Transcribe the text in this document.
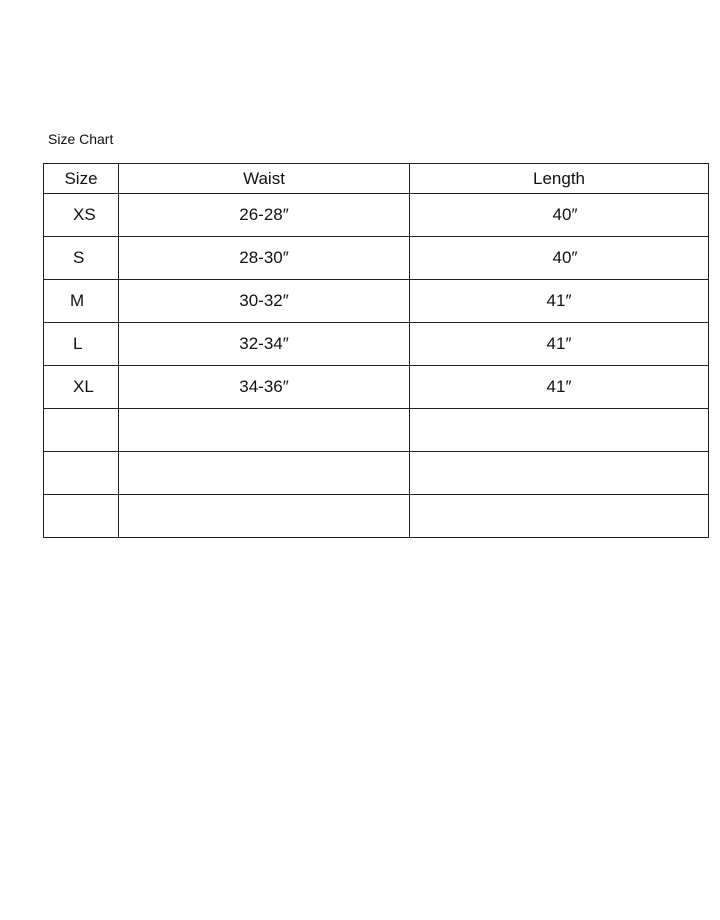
Size Chart
Size	Waist	Length
XS	26-28″	40″
S	28-30″	40″
M	30-32″	41″
L	32-34″	41″
XL	34-36″	41″
